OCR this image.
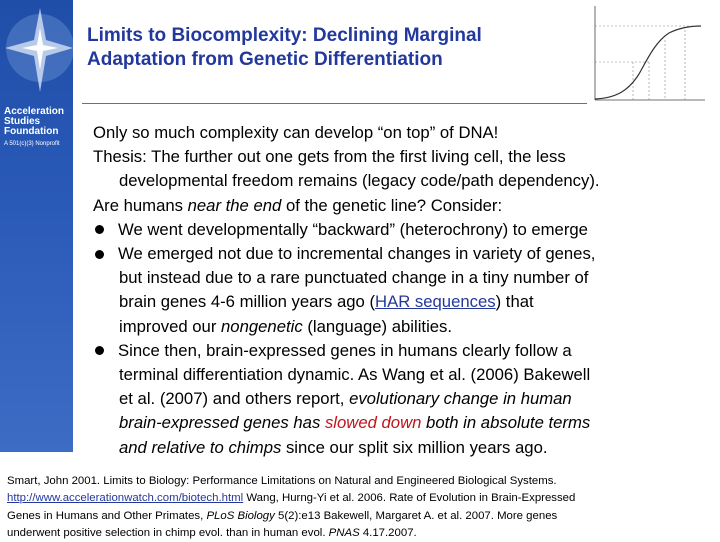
Acceleration
Studies
Foundation
A 501(c)(3) Nonprofit
Limits to Biocomplexity: Declining Marginal
Adaptation from Genetic Differentiation
Only so much complexity can develop “on top” of DNA!
Thesis: The further out one gets from the first living cell, the less
developmental freedom remains (legacy code/path dependency).
Are humans near the end of the genetic line? Consider:
We went developmentally “backward” (heterochrony) to emerge
We emerged not due to incremental changes in variety of genes,
but instead due to a rare punctuated change in a tiny number of
brain genes 4-6 million years ago (HAR sequences) that
improved our nongenetic (language) abilities.
Since then, brain-expressed genes in humans clearly follow a
terminal differentiation dynamic. As Wang et al. (2006) Bakewell
et al. (2007) and others report, evolutionary change in human
brain-expressed genes has slowed down both in absolute terms
and relative to chimps since our split six million years ago.
Smart, John 2001. Limits to Biology: Performance Limitations on Natural and Engineered Biological Systems.
http://www.accelerationwatch.com/biotech.html Wang, Hurng-Yi et al. 2006. Rate of Evolution in Brain-Expressed
Genes in Humans and Other Primates, PLoS Biology 5(2):e13 Bakewell, Margaret A. et al. 2007. More genes
underwent positive selection in chimp evol. than in human evol. PNAS 4.17.2007.
